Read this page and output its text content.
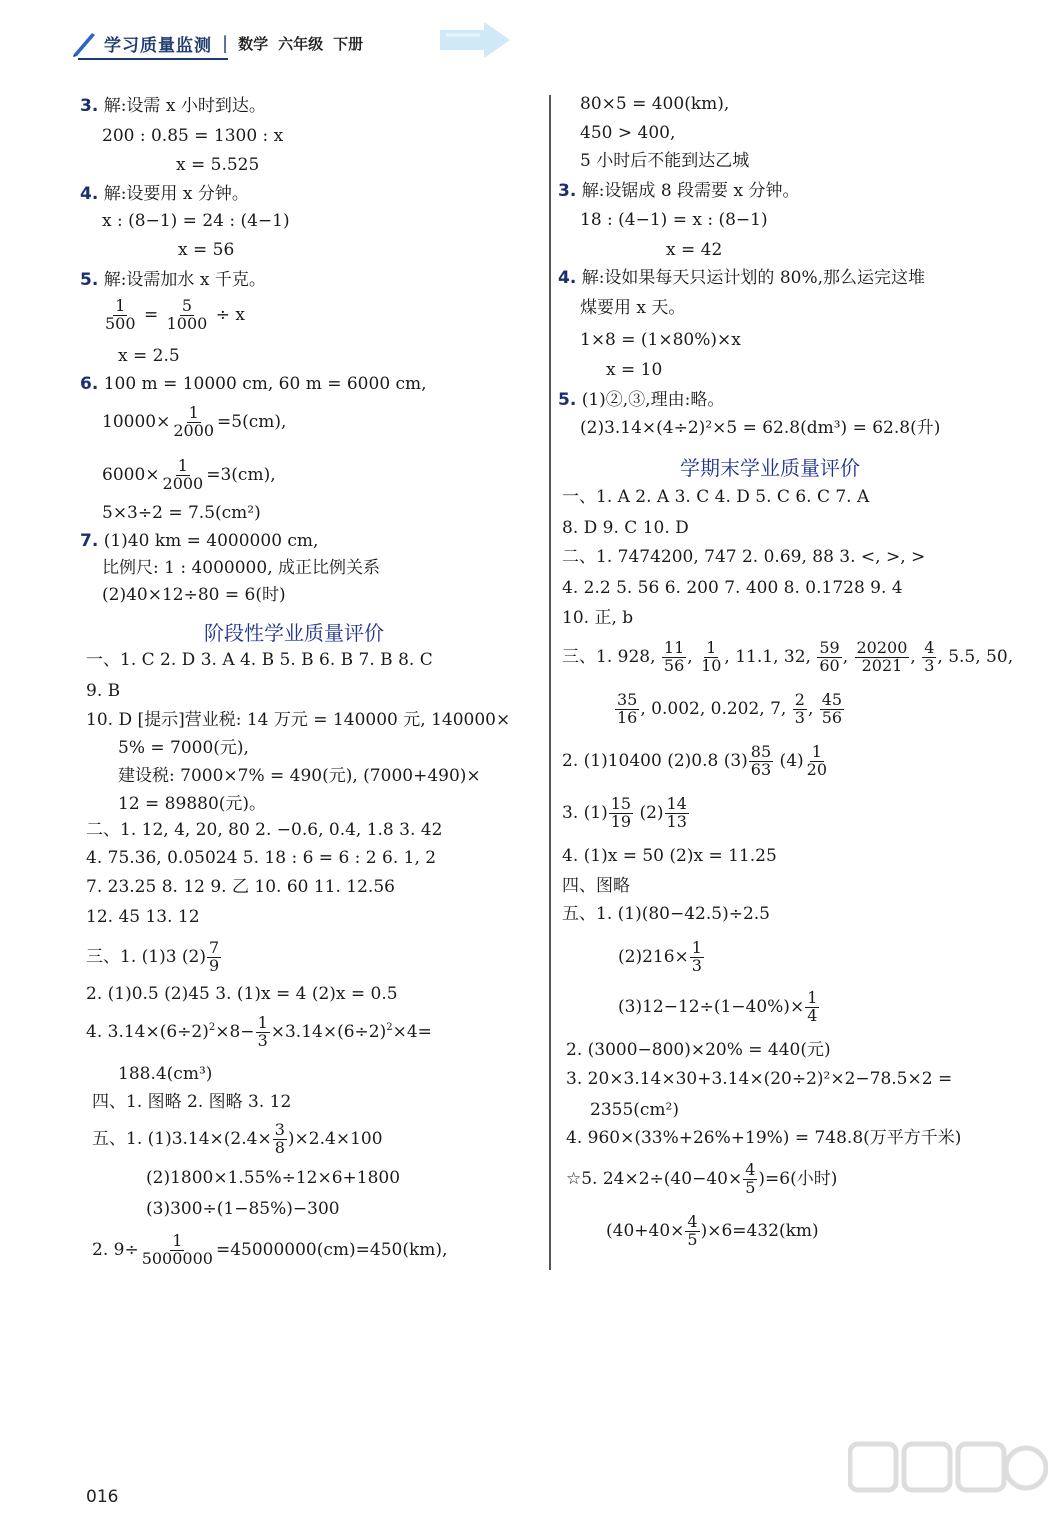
学习质量监测 | 数学 六年级 下册
3. 解:设需 x 小时到达。
200 : 0.85 = 1300 : x
x = 5.525
4. 解:设要用 x 分钟。
x : (8−1) = 24 : (4−1)
x = 56
5. 解:设需加水 x 千克。
$\frac{1}{500} = \frac{5}{1000} \div x$
x = 2.5
6. 100 m = 10000 cm, 60 m = 6000 cm,
$10000\times \frac{1}{2000} =5(cm)$,
$6000\times \frac{1}{2000} =3(cm)$,
5×3÷2 = 7.5(cm²)
7. (1)40 km = 4000000 cm,
比例尺: 1 : 4000000, 成正比例关系
(2)40×12÷80 = 6(时)
阶段性学业质量评价
一、1. C 2. D 3. A 4. B 5. B 6. B 7. B 8. C
9. B
10. D [提示]营业税: 14 万元 = 140000 元, 140000×
5% = 7000(元),
建设税: 7000×7% = 490(元), (7000+490)×
12 = 89880(元)。
二、1. 12, 4, 20, 80 2. −0.6, 0.4, 1.8 3. 42
4. 75.36, 0.05024 5. 18 : 6 = 6 : 2 6. 1, 2
7. 23.25 8. 12 9. 乙 10. 60 11. 12.56
12. 45 13. 12
三、1. (1)3 $(2) \frac{7}{9}$
2. (1)0.5 (2)45 3. (1)x = 4 (2)x = 0.5
4. $3.14\times(6\div 2)^2\times 8- \frac{1}{3} \times 3.14\times(6\div 2)^2\times 4=$
188.4(cm³)
四、1. 图略 2. 图略 3. 12
五、1. $(1)3.14\times(2.4\times \frac{3}{8} )\times 2.4\times 100$
(2)1800×1.55%÷12×6+1800
(3)300÷(1−85%)−300
2. $9\div \frac{1}{5000000} =45000000(cm)=450(km)$,
80×5 = 400(km),
450 > 400,
5 小时后不能到达乙城
3. 解:设锯成 8 段需要 x 分钟。
18 : (4−1) = x : (8−1)
x = 42
4. 解:设如果每天只运计划的 80%,那么运完这堆
煤要用 x 天。
1×8 = (1×80%)×x
x = 10
5. (1)②,③,理由:略。
(2)3.14×(4÷2)²×5 = 62.8(dm³) = 62.8(升)
学期末学业质量评价
一、1. A 2. A 3. C 4. D 5. C 6. C 7. A
8. D 9. C 10. D
二、1. 7474200, 747 2. 0.69, 88 3. <, >, >
4. 2.2 5. 56 6. 200 7. 400 8. 0.1728 9. 4
10. 正, b
三、1. 928, $\frac{11}{56}$ , $\frac{1}{10}$ , 11.1, 32, $\frac{59}{60}$ , $\frac{20200}{2021}$ , $\frac{4}{3}$ , 5.5, 50,
$\frac{35}{16}$ , 0.002, 0.202, 7, $\frac{2}{3}$ , $\frac{45}{56}$
2. (1)10400 (2)0.8 $(3) \frac{85}{63} (4) \frac{1}{20}$
3. $(1) \frac{15}{19} (2) \frac{14}{13}$
4. (1)x = 50 (2)x = 11.25
四、图略
五、1. (1)(80−42.5)÷2.5
$(2)216\times \frac{1}{3}$
$(3)12-12\div(1-40\%)\times \frac{1}{4}$
2. (3000−800)×20% = 440(元)
3. 20×3.14×30+3.14×(20÷2)²×2−78.5×2 =
2355(cm²)
4. 960×(33%+26%+19%) = 748.8(万平方千米)
☆5. $24\times 2\div(40-40\times \frac{4}{5} )=6$(小时)
$(40+40\times \frac{4}{5} )\times 6=432(km)$
016
